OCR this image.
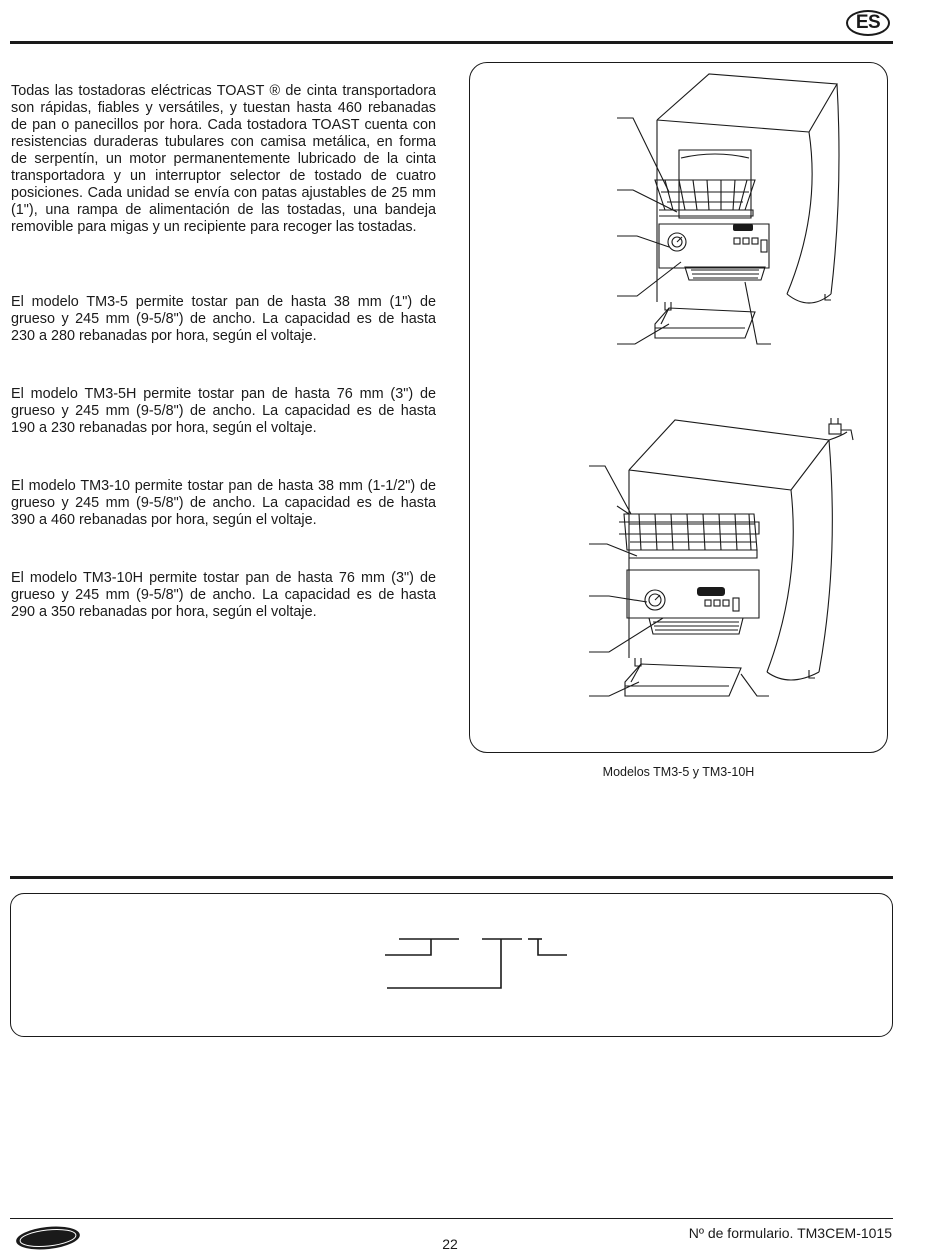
ES

Todas las tostadoras eléctricas TOAST ® de cinta transportadora son rápidas, fiables y versátiles, y tuestan hasta 460 rebanadas de pan o panecillos por hora. Cada tostadora TOAST cuenta con resistencias duraderas tubulares con camisa metálica, en forma de serpentín, un motor permanentemente lubricado de la cinta transportadora y un interruptor selector de tostado de cuatro posiciones. Cada unidad se envía con patas ajustables de 25 mm (1"), una rampa de alimentación de las tostadas, una bandeja removible para migas y un recipiente para recoger las tostadas.

El modelo TM3-5 permite tostar pan de hasta 38 mm (1") de grueso y 245 mm (9-5/8") de ancho. La capacidad es de hasta 230 a 280 rebanadas por hora, según el voltaje.

El modelo TM3-5H permite tostar pan de hasta 76 mm (3") de grueso y 245 mm (9-5/8") de ancho. La capacidad es de hasta 190 a 230 rebanadas por hora, según el voltaje.

El modelo TM3-10 permite tostar pan de hasta 38 mm (1-1/2") de grueso y 245 mm (9-5/8") de ancho. La capacidad es de hasta 390 a 460 rebanadas por hora, según el voltaje.

El modelo TM3-10H permite tostar pan de hasta 76 mm (3") de grueso y 245 mm (9-5/8") de ancho. La capacidad es de hasta 290 a 350 rebanadas por hora, según el voltaje.

Modelos TM3-5 y TM3-10H
22
Nº de formulario. TM3CEM-1015
